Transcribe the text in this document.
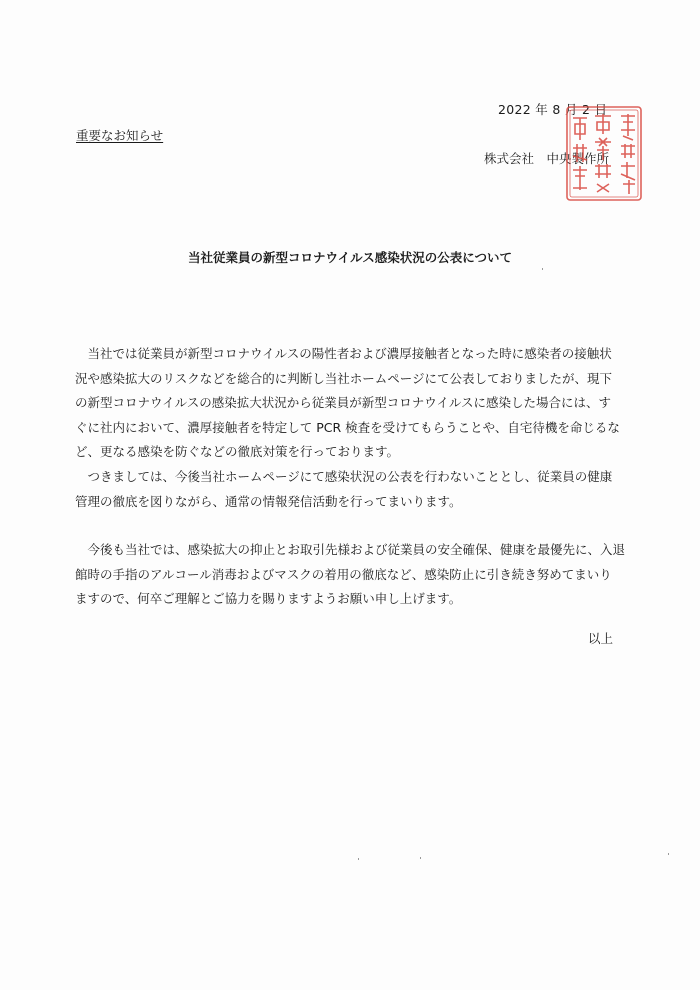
2022 年 8 月 2 日
重要なお知らせ
株式会社　中央製作所
当社従業員の新型コロナウイルス感染状況の公表について

当社では従業員が新型コロナウイルスの陽性者および濃厚接触者となった時に感染者の接触状
況や感染拡大のリスクなどを総合的に判断し当社ホームページにて公表しておりましたが、現下
の新型コロナウイルスの感染拡大状況から従業員が新型コロナウイルスに感染した場合には、す
ぐに社内において、濃厚接触者を特定して PCR 検査を受けてもらうことや、自宅待機を命じるな
ど、更なる感染を防ぐなどの徹底対策を行っております。

つきましては、今後当社ホームページにて感染状況の公表を行わないこととし、従業員の健康
管理の徹底を図りながら、通常の情報発信活動を行ってまいります。

今後も当社では、感染拡大の抑止とお取引先様および従業員の安全確保、健康を最優先に、入退
館時の手指のアルコール消毒およびマスクの着用の徹底など、感染防止に引き続き努めてまいり
ますので、何卒ご理解とご協力を賜りますようお願い申し上げます。

以上
